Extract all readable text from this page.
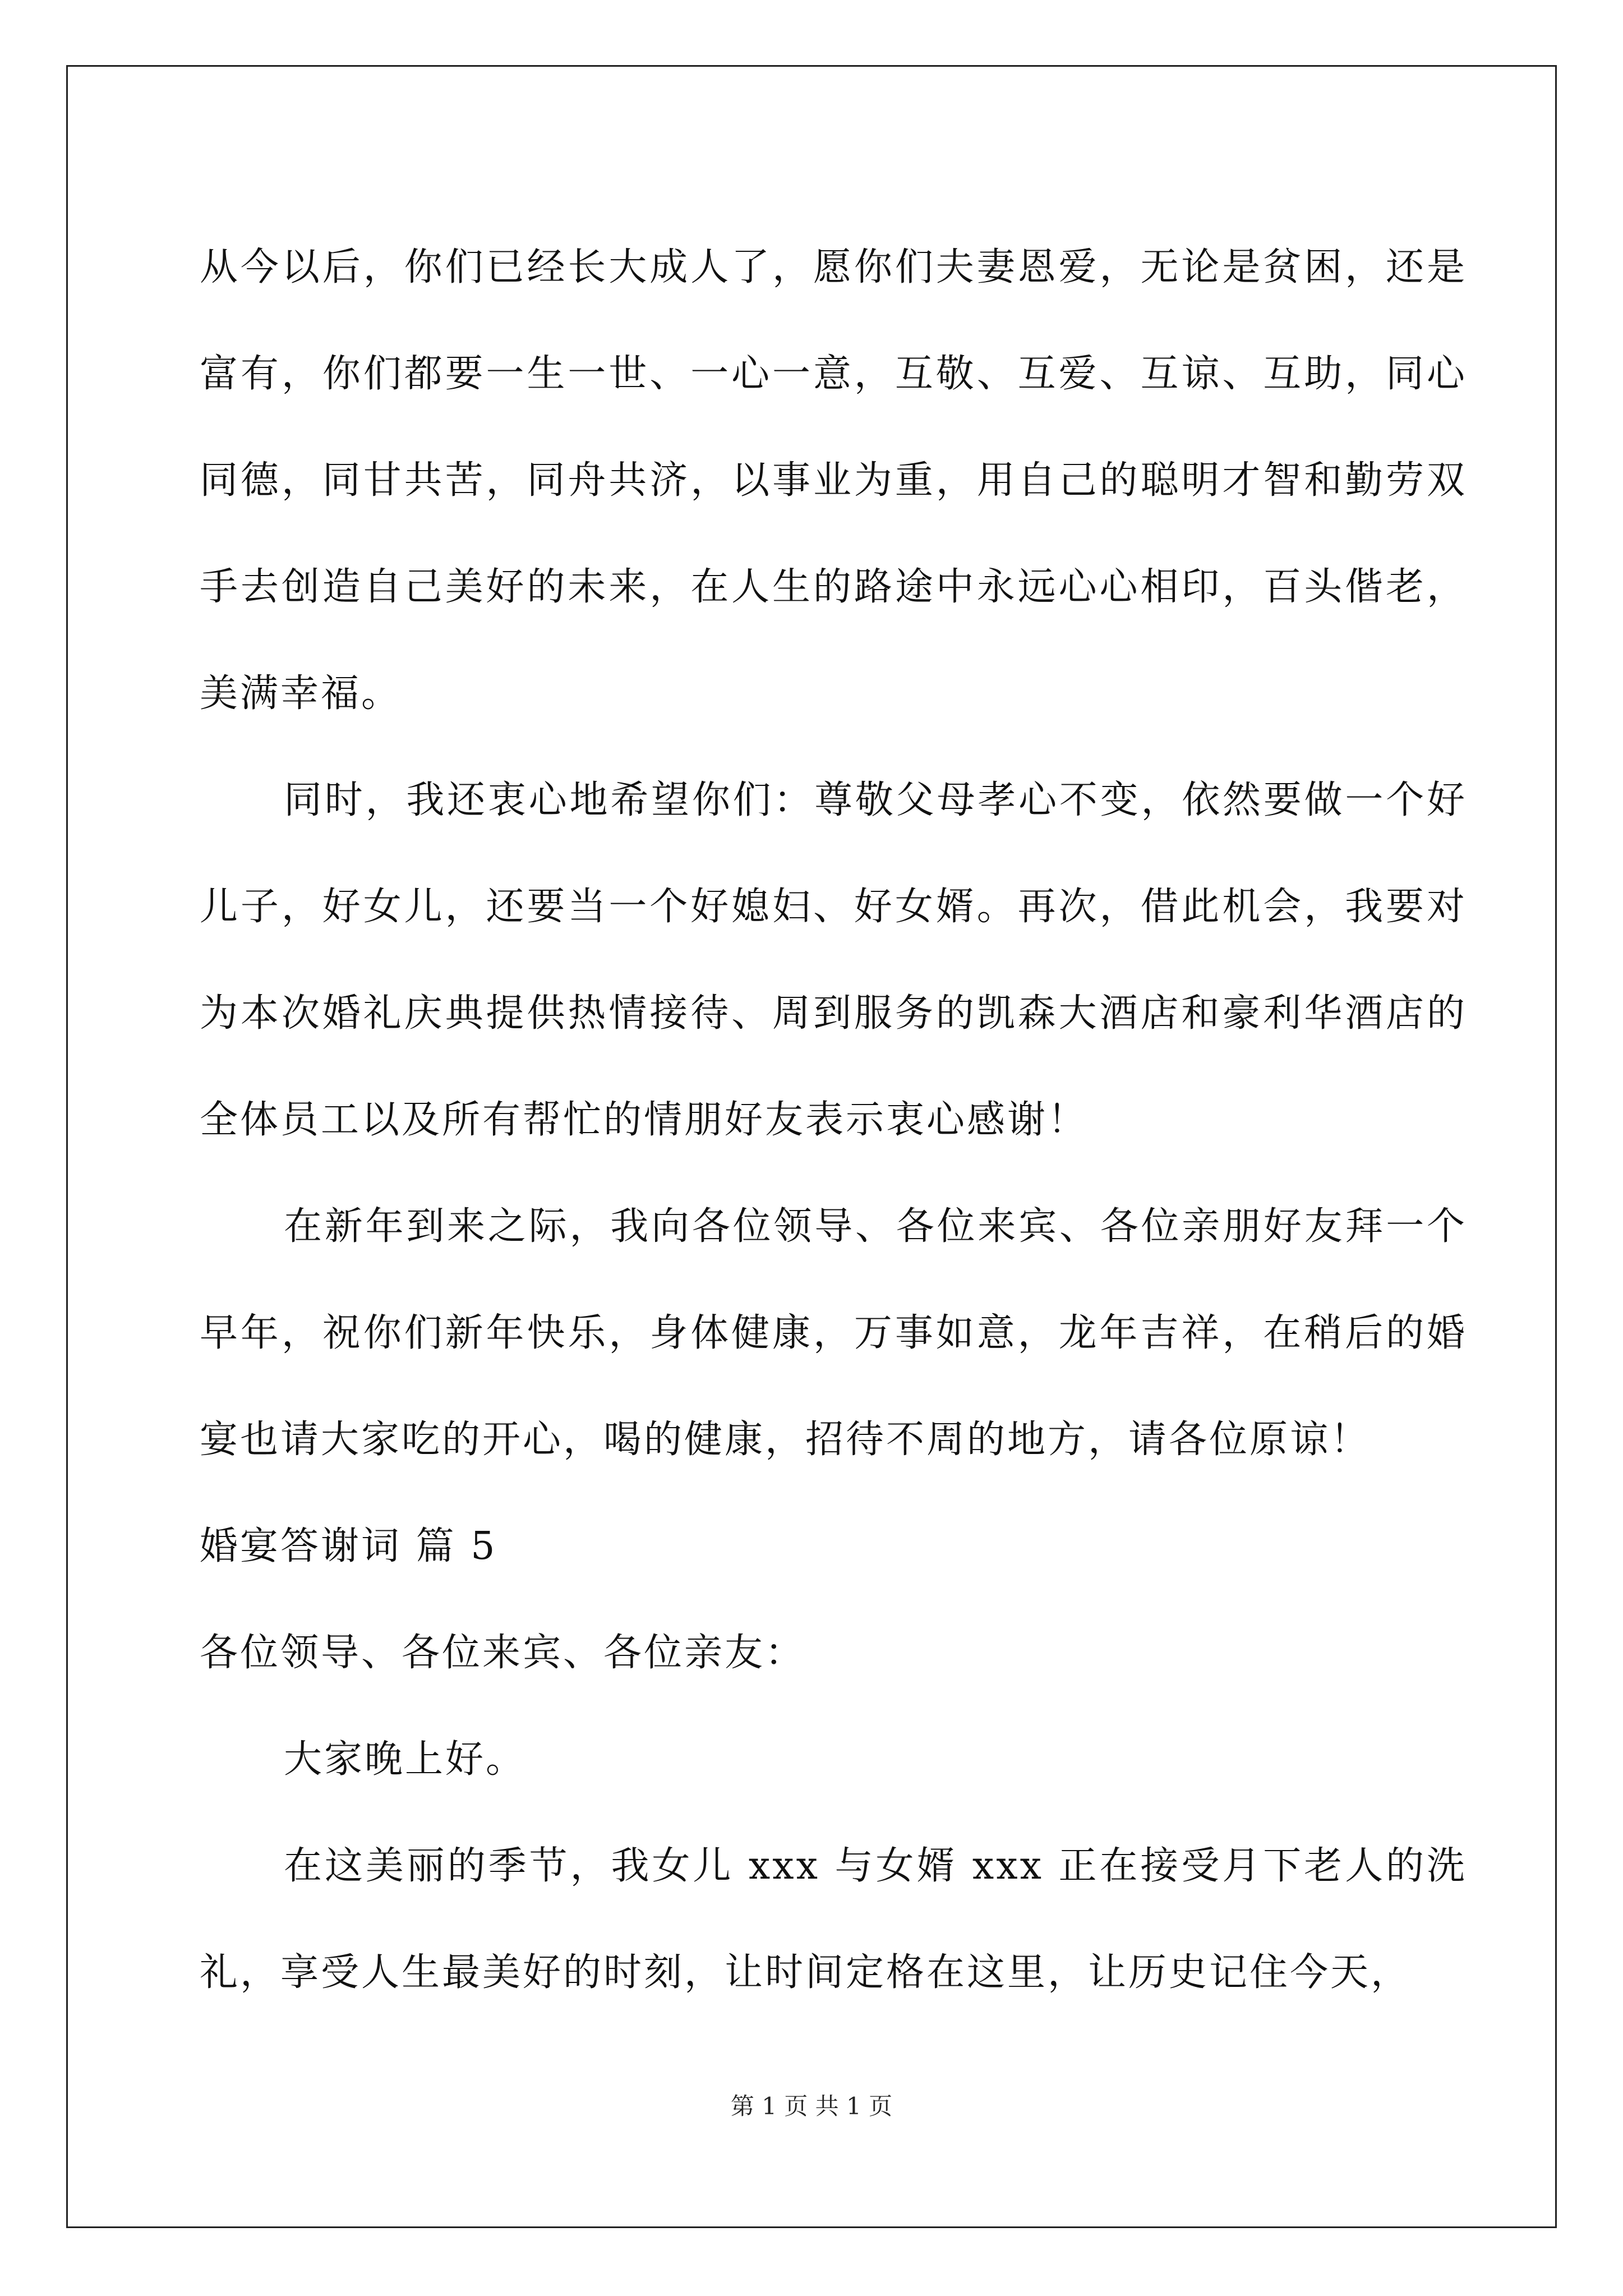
从今以后，你们已经长大成人了，愿你们夫妻恩爱，无论是贫困，还是富有，你们都要一生一世、一心一意，互敬、互爱、互谅、互助，同心同德，同甘共苦，同舟共济，以事业为重，用自己的聪明才智和勤劳双手去创造自己美好的未来，在人生的路途中永远心心相印，百头偕老，美满幸福。

同时，我还衷心地希望你们：尊敬父母孝心不变，依然要做一个好儿子，好女儿，还要当一个好媳妇、好女婿。再次，借此机会，我要对为本次婚礼庆典提供热情接待、周到服务的凯森大酒店和豪利华酒店的全体员工以及所有帮忙的情朋好友表示衷心感谢！

在新年到来之际，我向各位领导、各位来宾、各位亲朋好友拜一个早年，祝你们新年快乐，身体健康，万事如意，龙年吉祥，在稍后的婚宴也请大家吃的开心，喝的健康，招待不周的地方，请各位原谅！

婚宴答谢词 篇 5

各位领导、各位来宾、各位亲友：

大家晚上好。

在这美丽的季节，我女儿 xxx 与女婿 xxx 正在接受月下老人的洗礼，享受人生最美好的时刻，让时间定格在这里，让历史记住今天，

第 1 页 共 1 页
